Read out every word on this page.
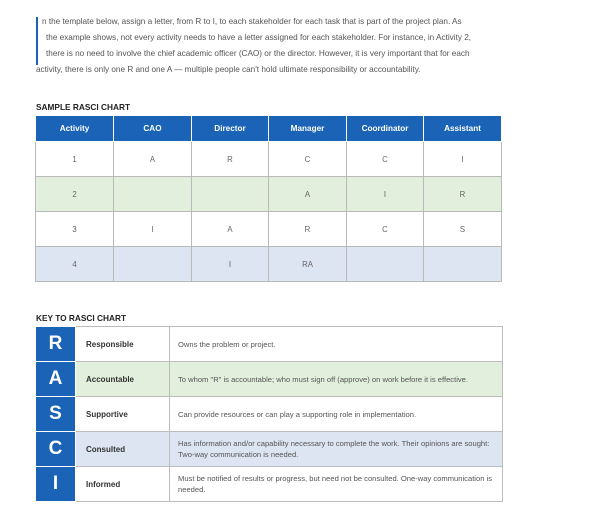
n the template below, assign a letter, from R to I, to each stakeholder for each task that is part of the project plan. As

the example shows, not every activity needs to have a letter assigned for each stakeholder. For instance, in Activity 2,

there is no need to involve the chief academic officer (CAO) or the director. However, it is very important that for each

activity, there is only one R and one A — multiple people can't hold ultimate responsibility or accountability.

SAMPLE RASCI CHART
Activity	CAO	Director	Manager	Coordinator	Assistant
1	A	R	C	C	I
2			A	I	R
3	I	A	R	C	S
4		I	RA		
KEY TO RASCI CHART
R	Responsible	Owns the problem or project.
A	Accountable	To whom "R" is accountable; who must sign off (approve) on work before it is effective.
S	Supportive	Can provide resources or can play a supporting role in implementation.
C	Consulted	Has information and/or capability necessary to complete the work. Their opinions are sought: Two-way communication is needed.
I	Informed	Must be notified of results or progress, but need not be consulted. One-way communication is needed.
